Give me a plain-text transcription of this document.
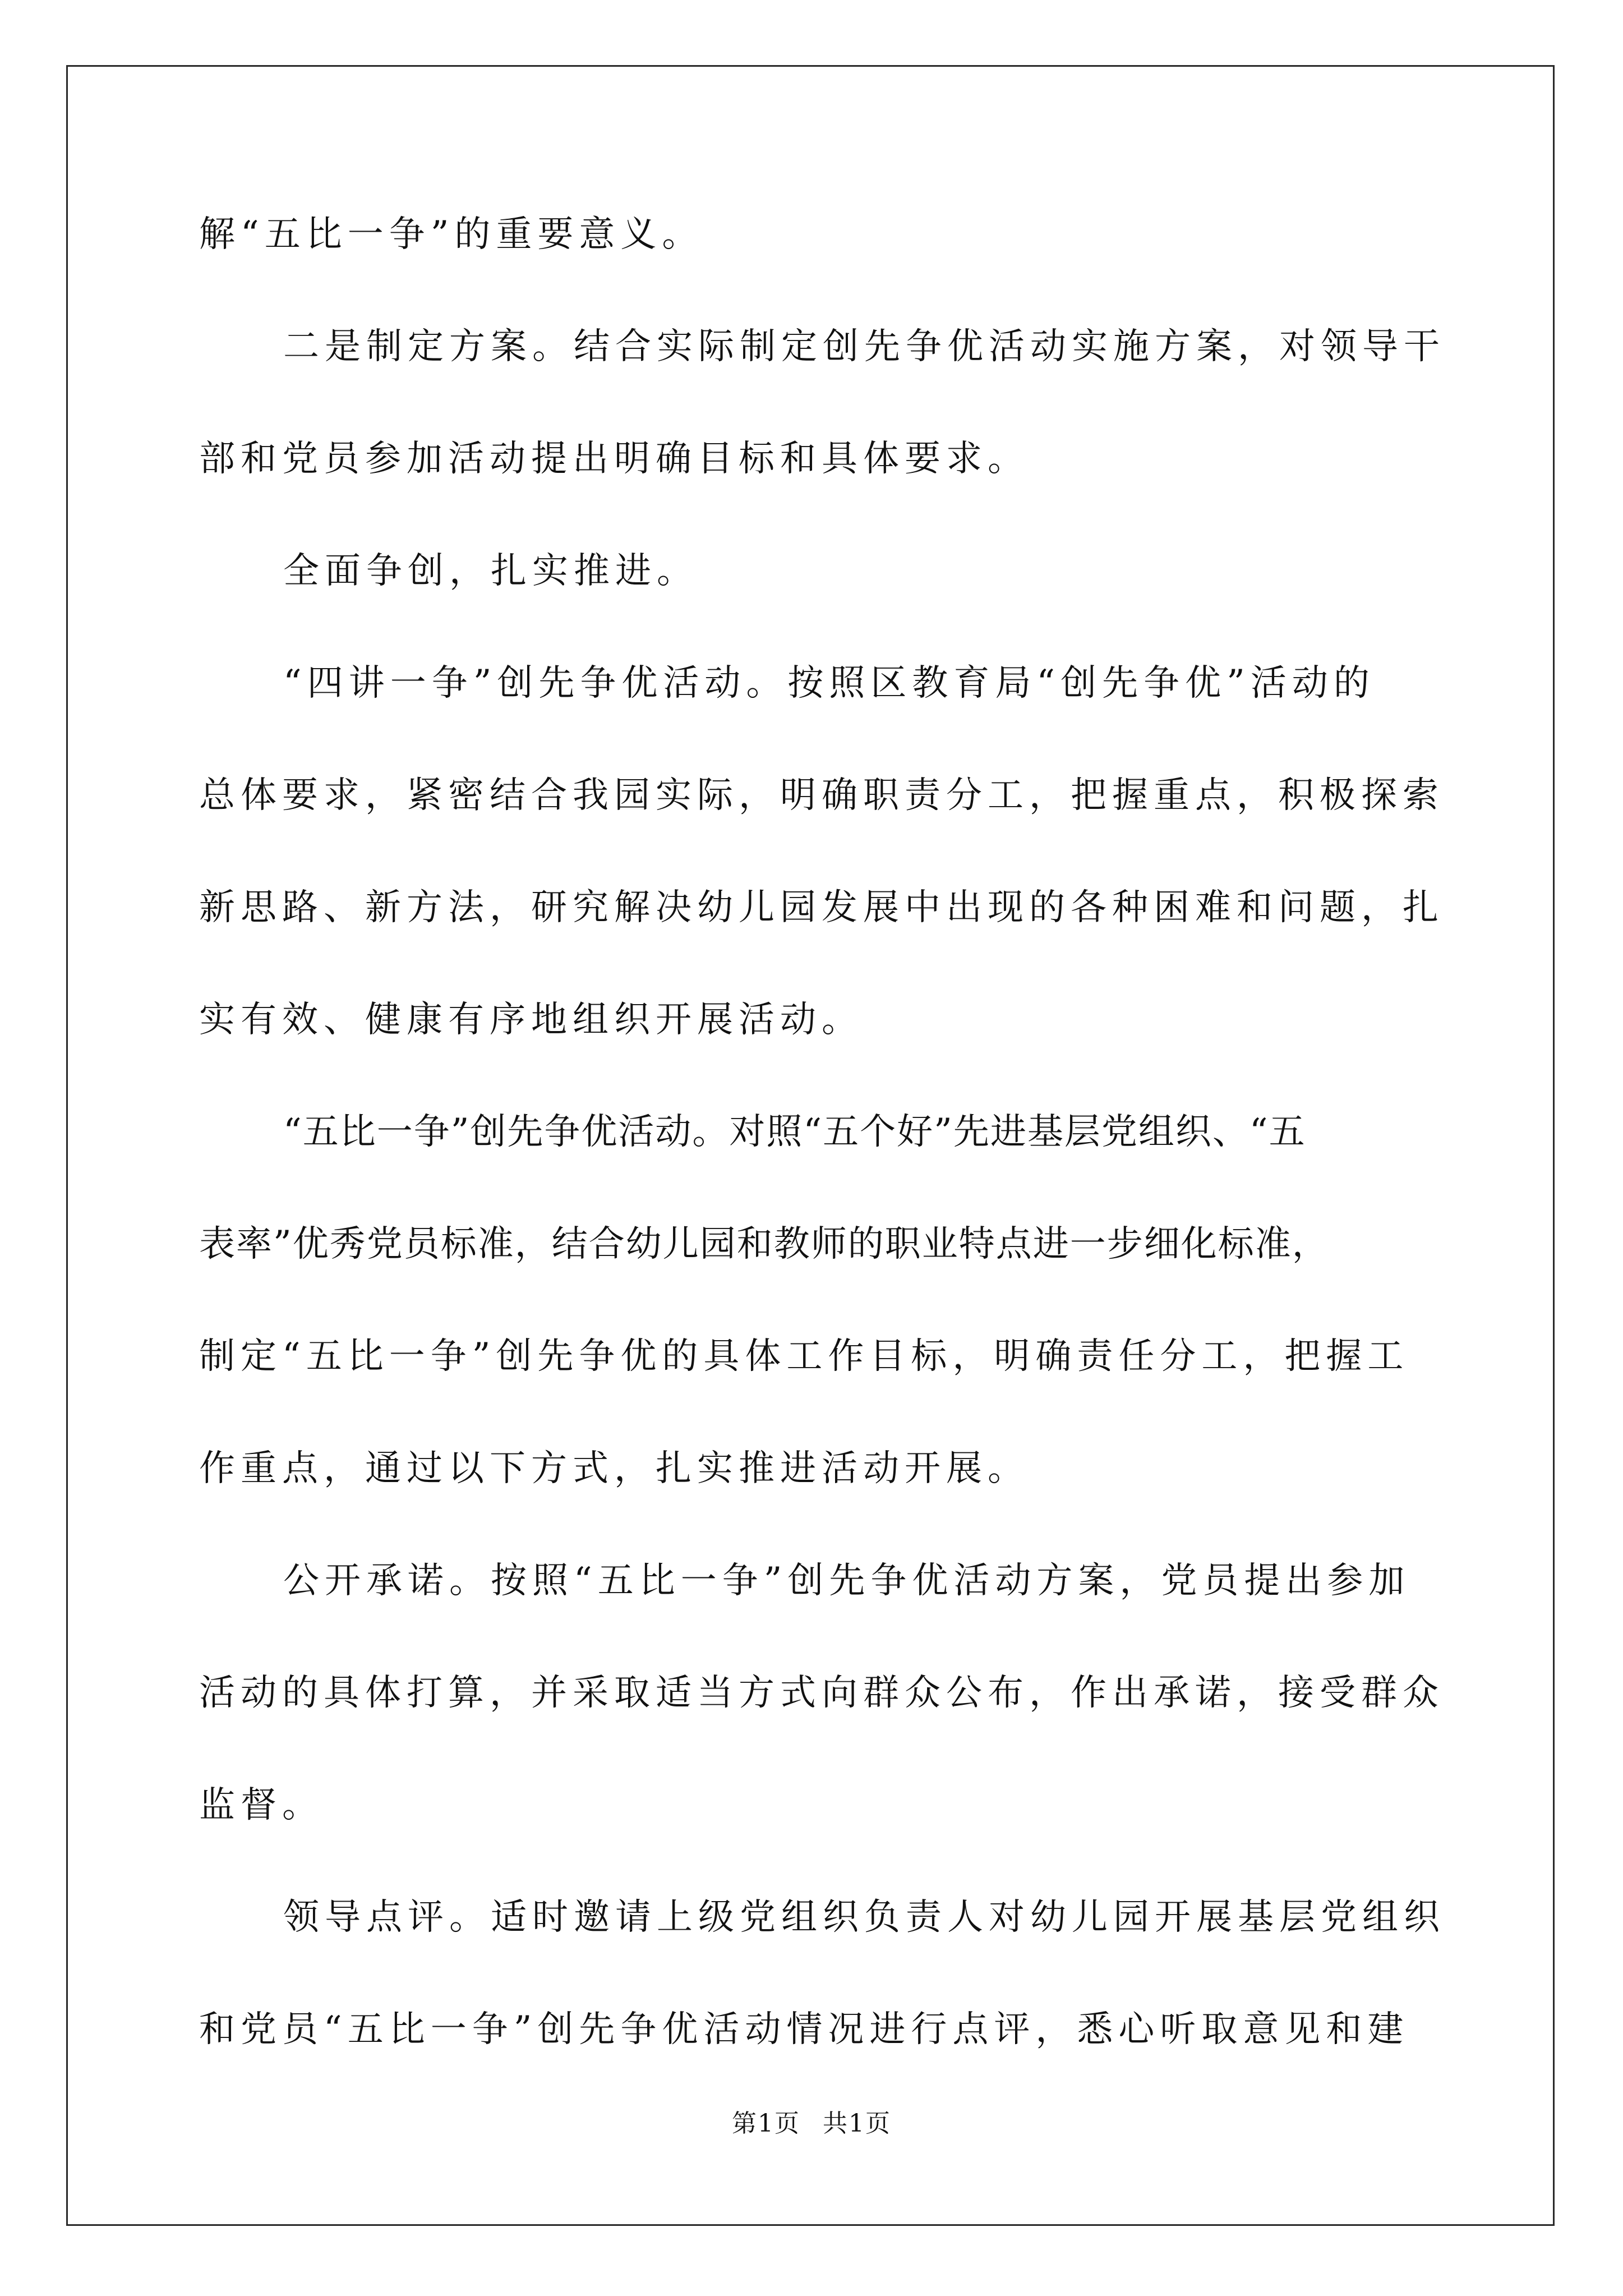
解“五比一争”的重要意义。

二是制定方案。结合实际制定创先争优活动实施方案，对领导干

部和党员参加活动提出明确目标和具体要求。

全面争创，扎实推进。

“四讲一争”创先争优活动。按照区教育局“创先争优”活动的

总体要求，紧密结合我园实际，明确职责分工，把握重点，积极探索

新思路、新方法，研究解决幼儿园发展中出现的各种困难和问题，扎

实有效、健康有序地组织开展活动。

“五比一争”创先争优活动。对照“五个好”先进基层党组织、“五

表率”优秀党员标准，结合幼儿园和教师的职业特点进一步细化标准，

制定“五比一争”创先争优的具体工作目标，明确责任分工，把握工

作重点，通过以下方式，扎实推进活动开展。

公开承诺。按照“五比一争”创先争优活动方案，党员提出参加

活动的具体打算，并采取适当方式向群众公布，作出承诺，接受群众

监督。

领导点评。适时邀请上级党组织负责人对幼儿园开展基层党组织

和党员“五比一争”创先争优活动情况进行点评，悉心听取意见和建

第1页 共1页
